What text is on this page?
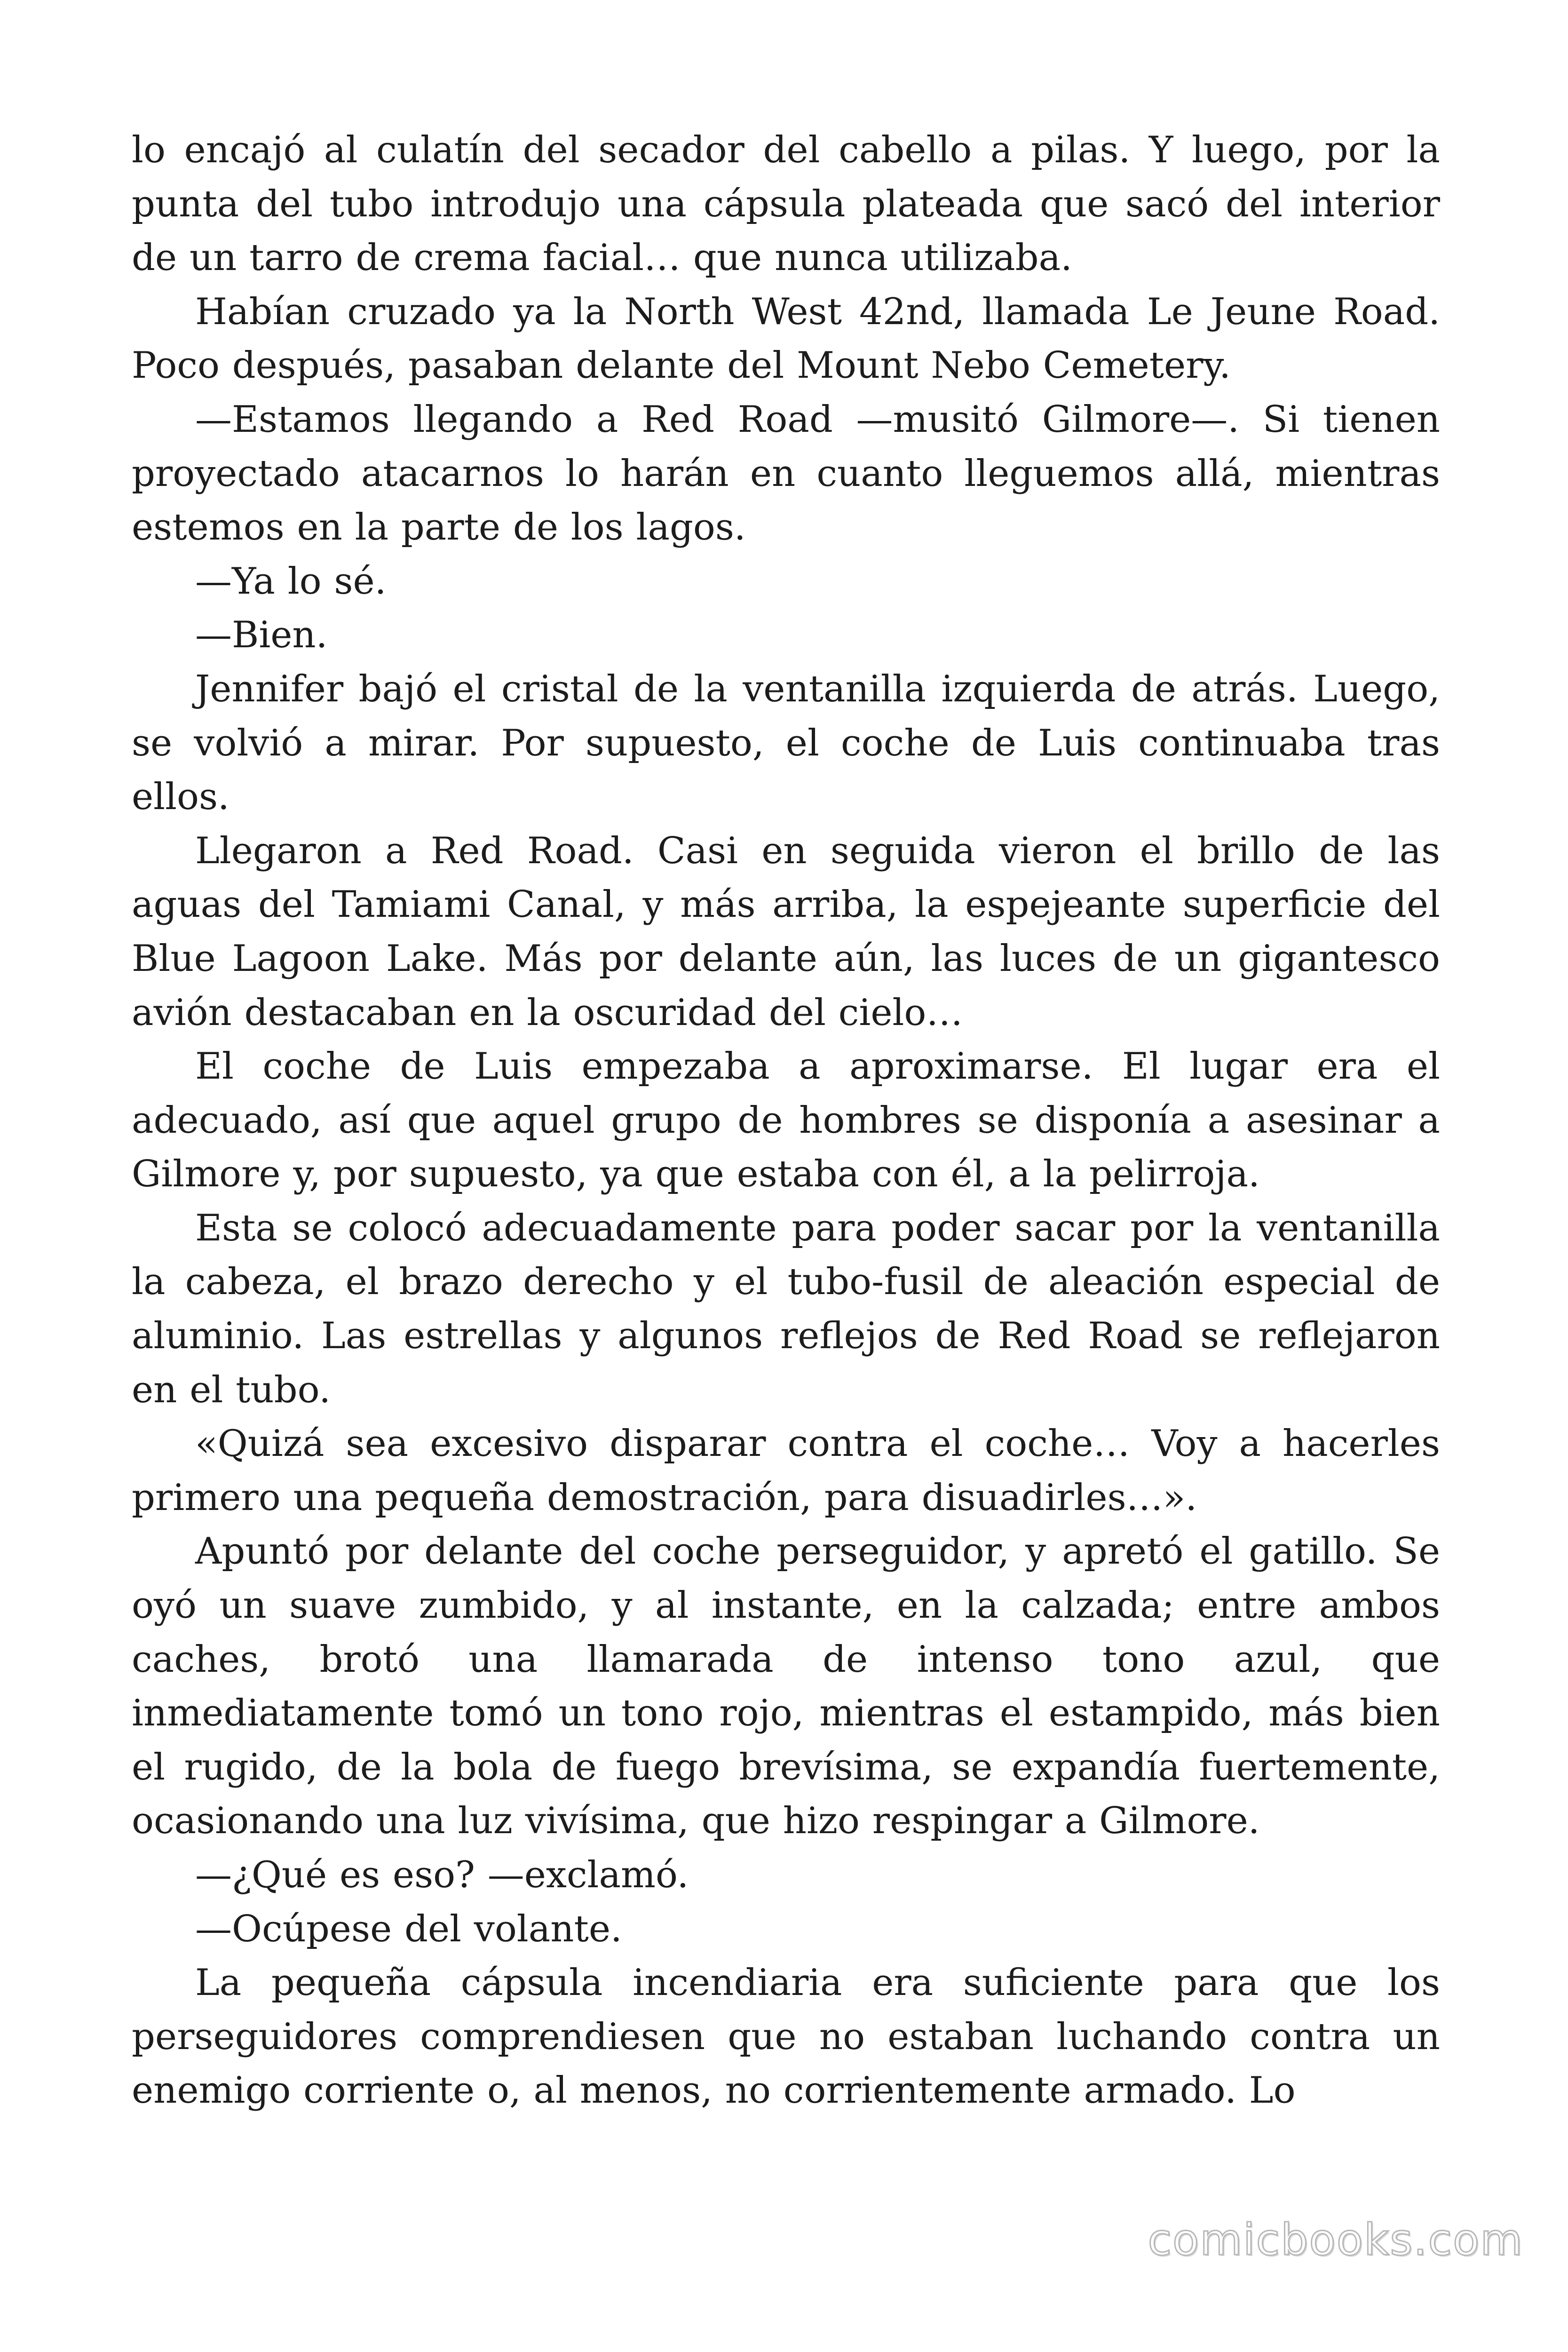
lo encajó al culatín del secador del cabello a pilas. Y luego, por la punta del tubo introdujo una cápsula plateada que sacó del interior de un tarro de crema facial… que nunca utilizaba.

Habían cruzado ya la North West 42nd, llamada Le Jeune Road. Poco después, pasaban delante del Mount Nebo Cemetery.

—Estamos llegando a Red Road —musitó Gilmore—. Si tienen proyectado atacarnos lo harán en cuanto lleguemos allá, mientras estemos en la parte de los lagos.

—Ya lo sé.

—Bien.

Jennifer bajó el cristal de la ventanilla izquierda de atrás. Luego, se volvió a mirar. Por supuesto, el coche de Luis continuaba tras ellos.

Llegaron a Red Road. Casi en seguida vieron el brillo de las aguas del Tamiami Canal, y más arriba, la espejeante superficie del Blue Lagoon Lake. Más por delante aún, las luces de un gigantesco avión destacaban en la oscuridad del cielo…

El coche de Luis empezaba a aproximarse. El lugar era el adecuado, así que aquel grupo de hombres se disponía a asesinar a Gilmore y, por supuesto, ya que estaba con él, a la pelirroja.

Esta se colocó adecuadamente para poder sacar por la ventanilla la cabeza, el brazo derecho y el tubo-fusil de aleación especial de aluminio. Las estrellas y algunos reflejos de Red Road se reflejaron en el tubo.

«Quizá sea excesivo disparar contra el coche… Voy a hacerles primero una pequeña demostración, para disuadirles…».

Apuntó por delante del coche perseguidor, y apretó el gatillo. Se oyó un suave zumbido, y al instante, en la calzada; entre ambos caches, brotó una llamarada de intenso tono azul, que inmediatamente tomó un tono rojo, mientras el estampido, más bien el rugido, de la bola de fuego brevísima, se expandía fuertemente, ocasionando una luz vivísima, que hizo respingar a Gilmore.

—¿Qué es eso? —exclamó.

—Ocúpese del volante.

La pequeña cápsula incendiaria era suficiente para que los perseguidores comprendiesen que no estaban luchando contra un enemigo corriente o, al menos, no corrientemente armado. Lo

comicbooks.com
